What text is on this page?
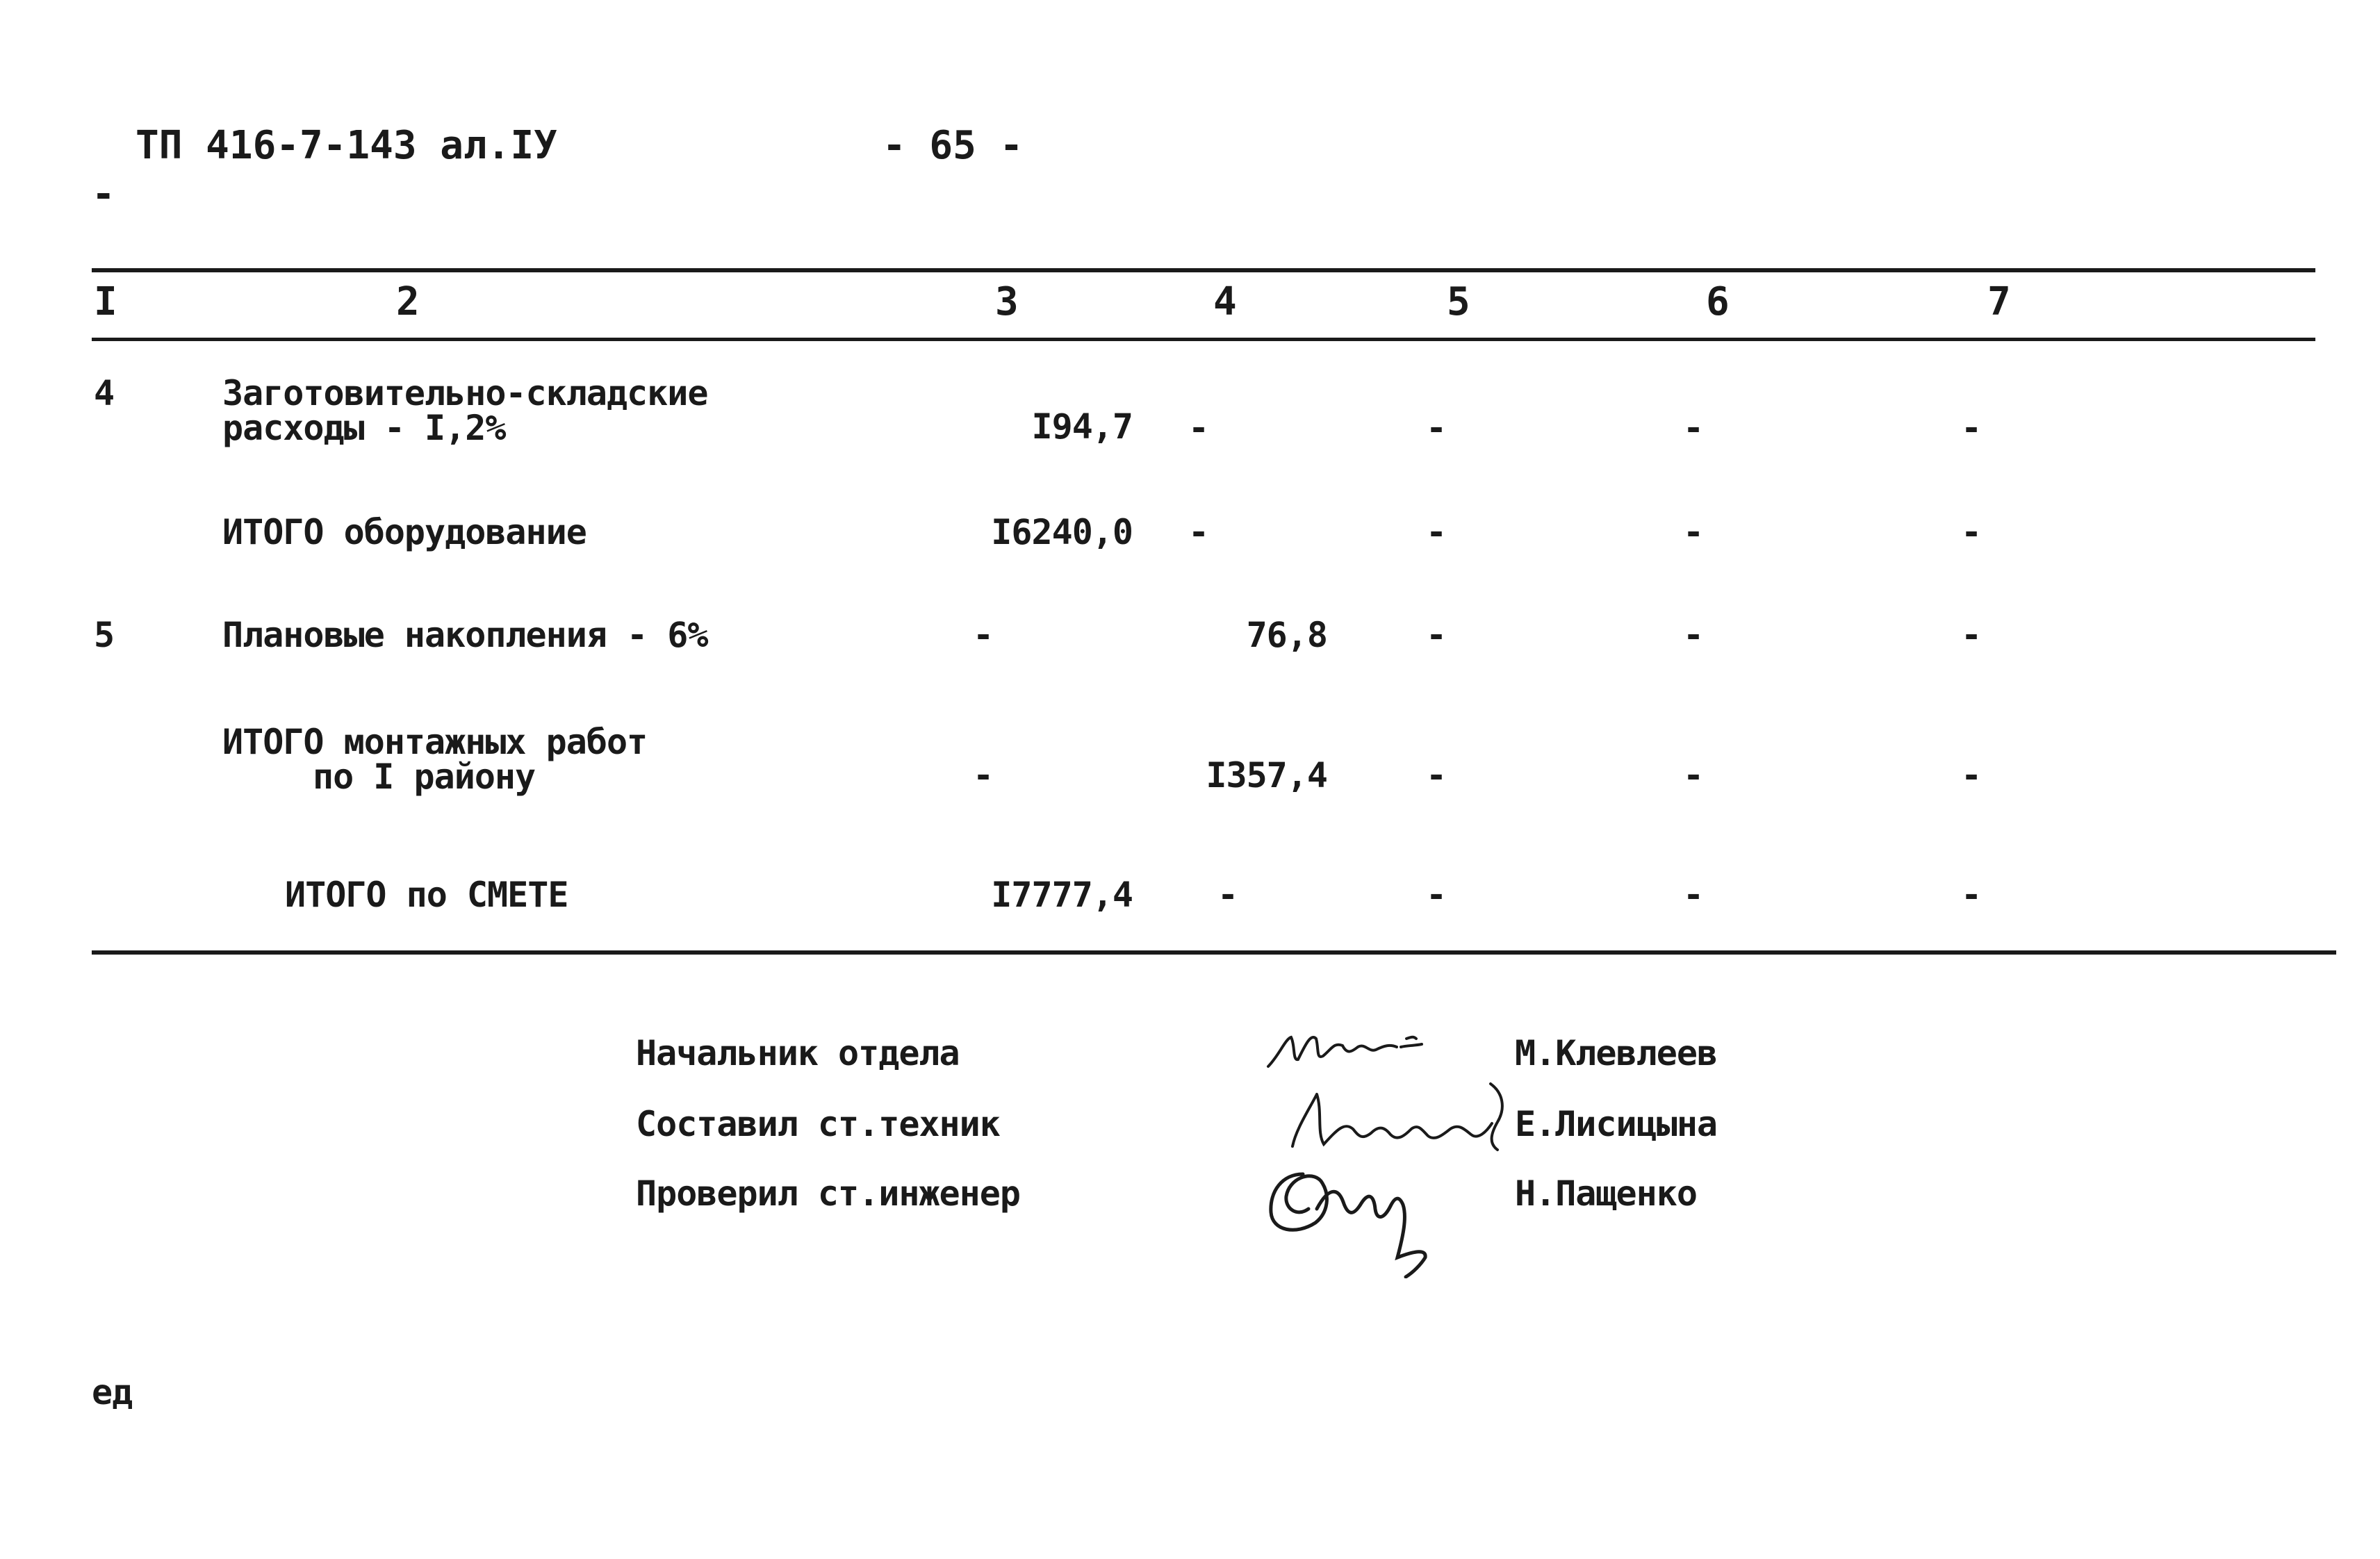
ТП 416-7-143 ал.IУ	- 65 -
-
I	2	3	4	5	6	7
4	Заготовительно-складские
расходы - I,2%	I94,7 -	-	-	-
ИТОГО оборудование	I6240,0 -	-	-	-
5	Плановые накопления - 6%	-	76,8	-	-	-
ИТОГО монтажных работ
по I району	-	I357,4	-	-	-
ИТОГО по СМЕТЕ	I7777,4 -	-	-	-
Начальник отдела	М.Клевлеев
Составил ст.техник	Е.Лисицына
Проверил ст.инженер	Н.Пащенко
ед
